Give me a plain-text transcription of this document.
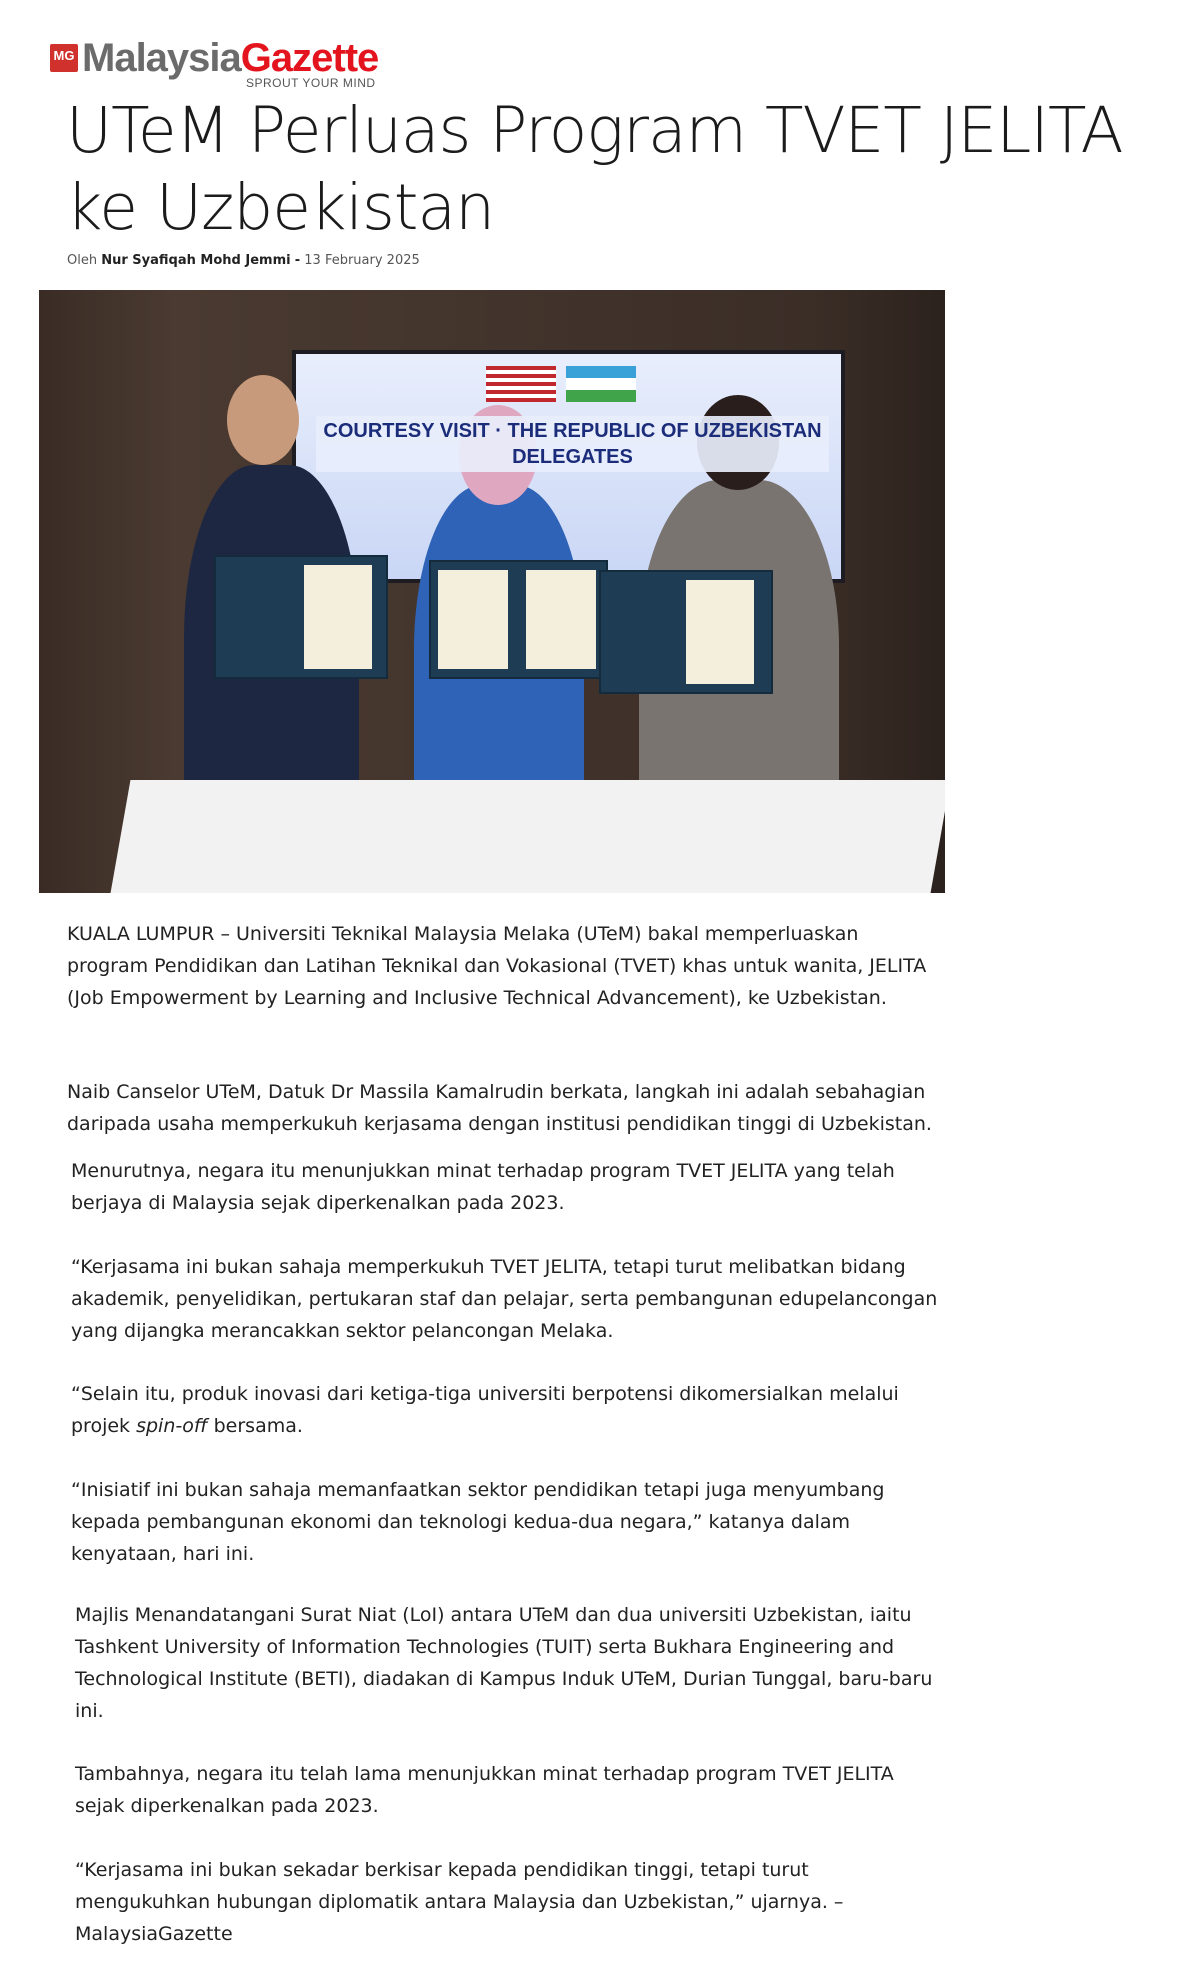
MG MalaysiaGazette
SPROUT YOUR MIND
UTeM Perluas Program TVET JELITA ke Uzbekistan
Oleh Nur Syafiqah Mohd Jemmi - 13 February 2025
COURTESY VISIT · THE REPUBLIC OF UZBEKISTAN DELEGATES

KUALA LUMPUR – Universiti Teknikal Malaysia Melaka (UTeM) bakal memperluaskan program Pendidikan dan Latihan Teknikal dan Vokasional (TVET) khas untuk wanita, JELITA (Job Empowerment by Learning and Inclusive Technical Advancement), ke Uzbekistan.

Naib Canselor UTeM, Datuk Dr Massila Kamalrudin berkata, langkah ini adalah sebahagian daripada usaha memperkukuh kerjasama dengan institusi pendidikan tinggi di Uzbekistan.

Menurutnya, negara itu menunjukkan minat terhadap program TVET JELITA yang telah berjaya di Malaysia sejak diperkenalkan pada 2023.

“Kerjasama ini bukan sahaja memperkukuh TVET JELITA, tetapi turut melibatkan bidang akademik, penyelidikan, pertukaran staf dan pelajar, serta pembangunan edupelancongan yang dijangka merancakkan sektor pelancongan Melaka.

“Selain itu, produk inovasi dari ketiga-tiga universiti berpotensi dikomersialkan melalui projek spin-off bersama.

“Inisiatif ini bukan sahaja memanfaatkan sektor pendidikan tetapi juga menyumbang kepada pembangunan ekonomi dan teknologi kedua-dua negara,” katanya dalam kenyataan, hari ini.

Majlis Menandatangani Surat Niat (LoI) antara UTeM dan dua universiti Uzbekistan, iaitu Tashkent University of Information Technologies (TUIT) serta Bukhara Engineering and Technological Institute (BETI), diadakan di Kampus Induk UTeM, Durian Tunggal, baru-baru ini.

Tambahnya, negara itu telah lama menunjukkan minat terhadap program TVET JELITA sejak diperkenalkan pada 2023.

“Kerjasama ini bukan sekadar berkisar kepada pendidikan tinggi, tetapi turut mengukuhkan hubungan diplomatik antara Malaysia dan Uzbekistan,” ujarnya. – MalaysiaGazette
